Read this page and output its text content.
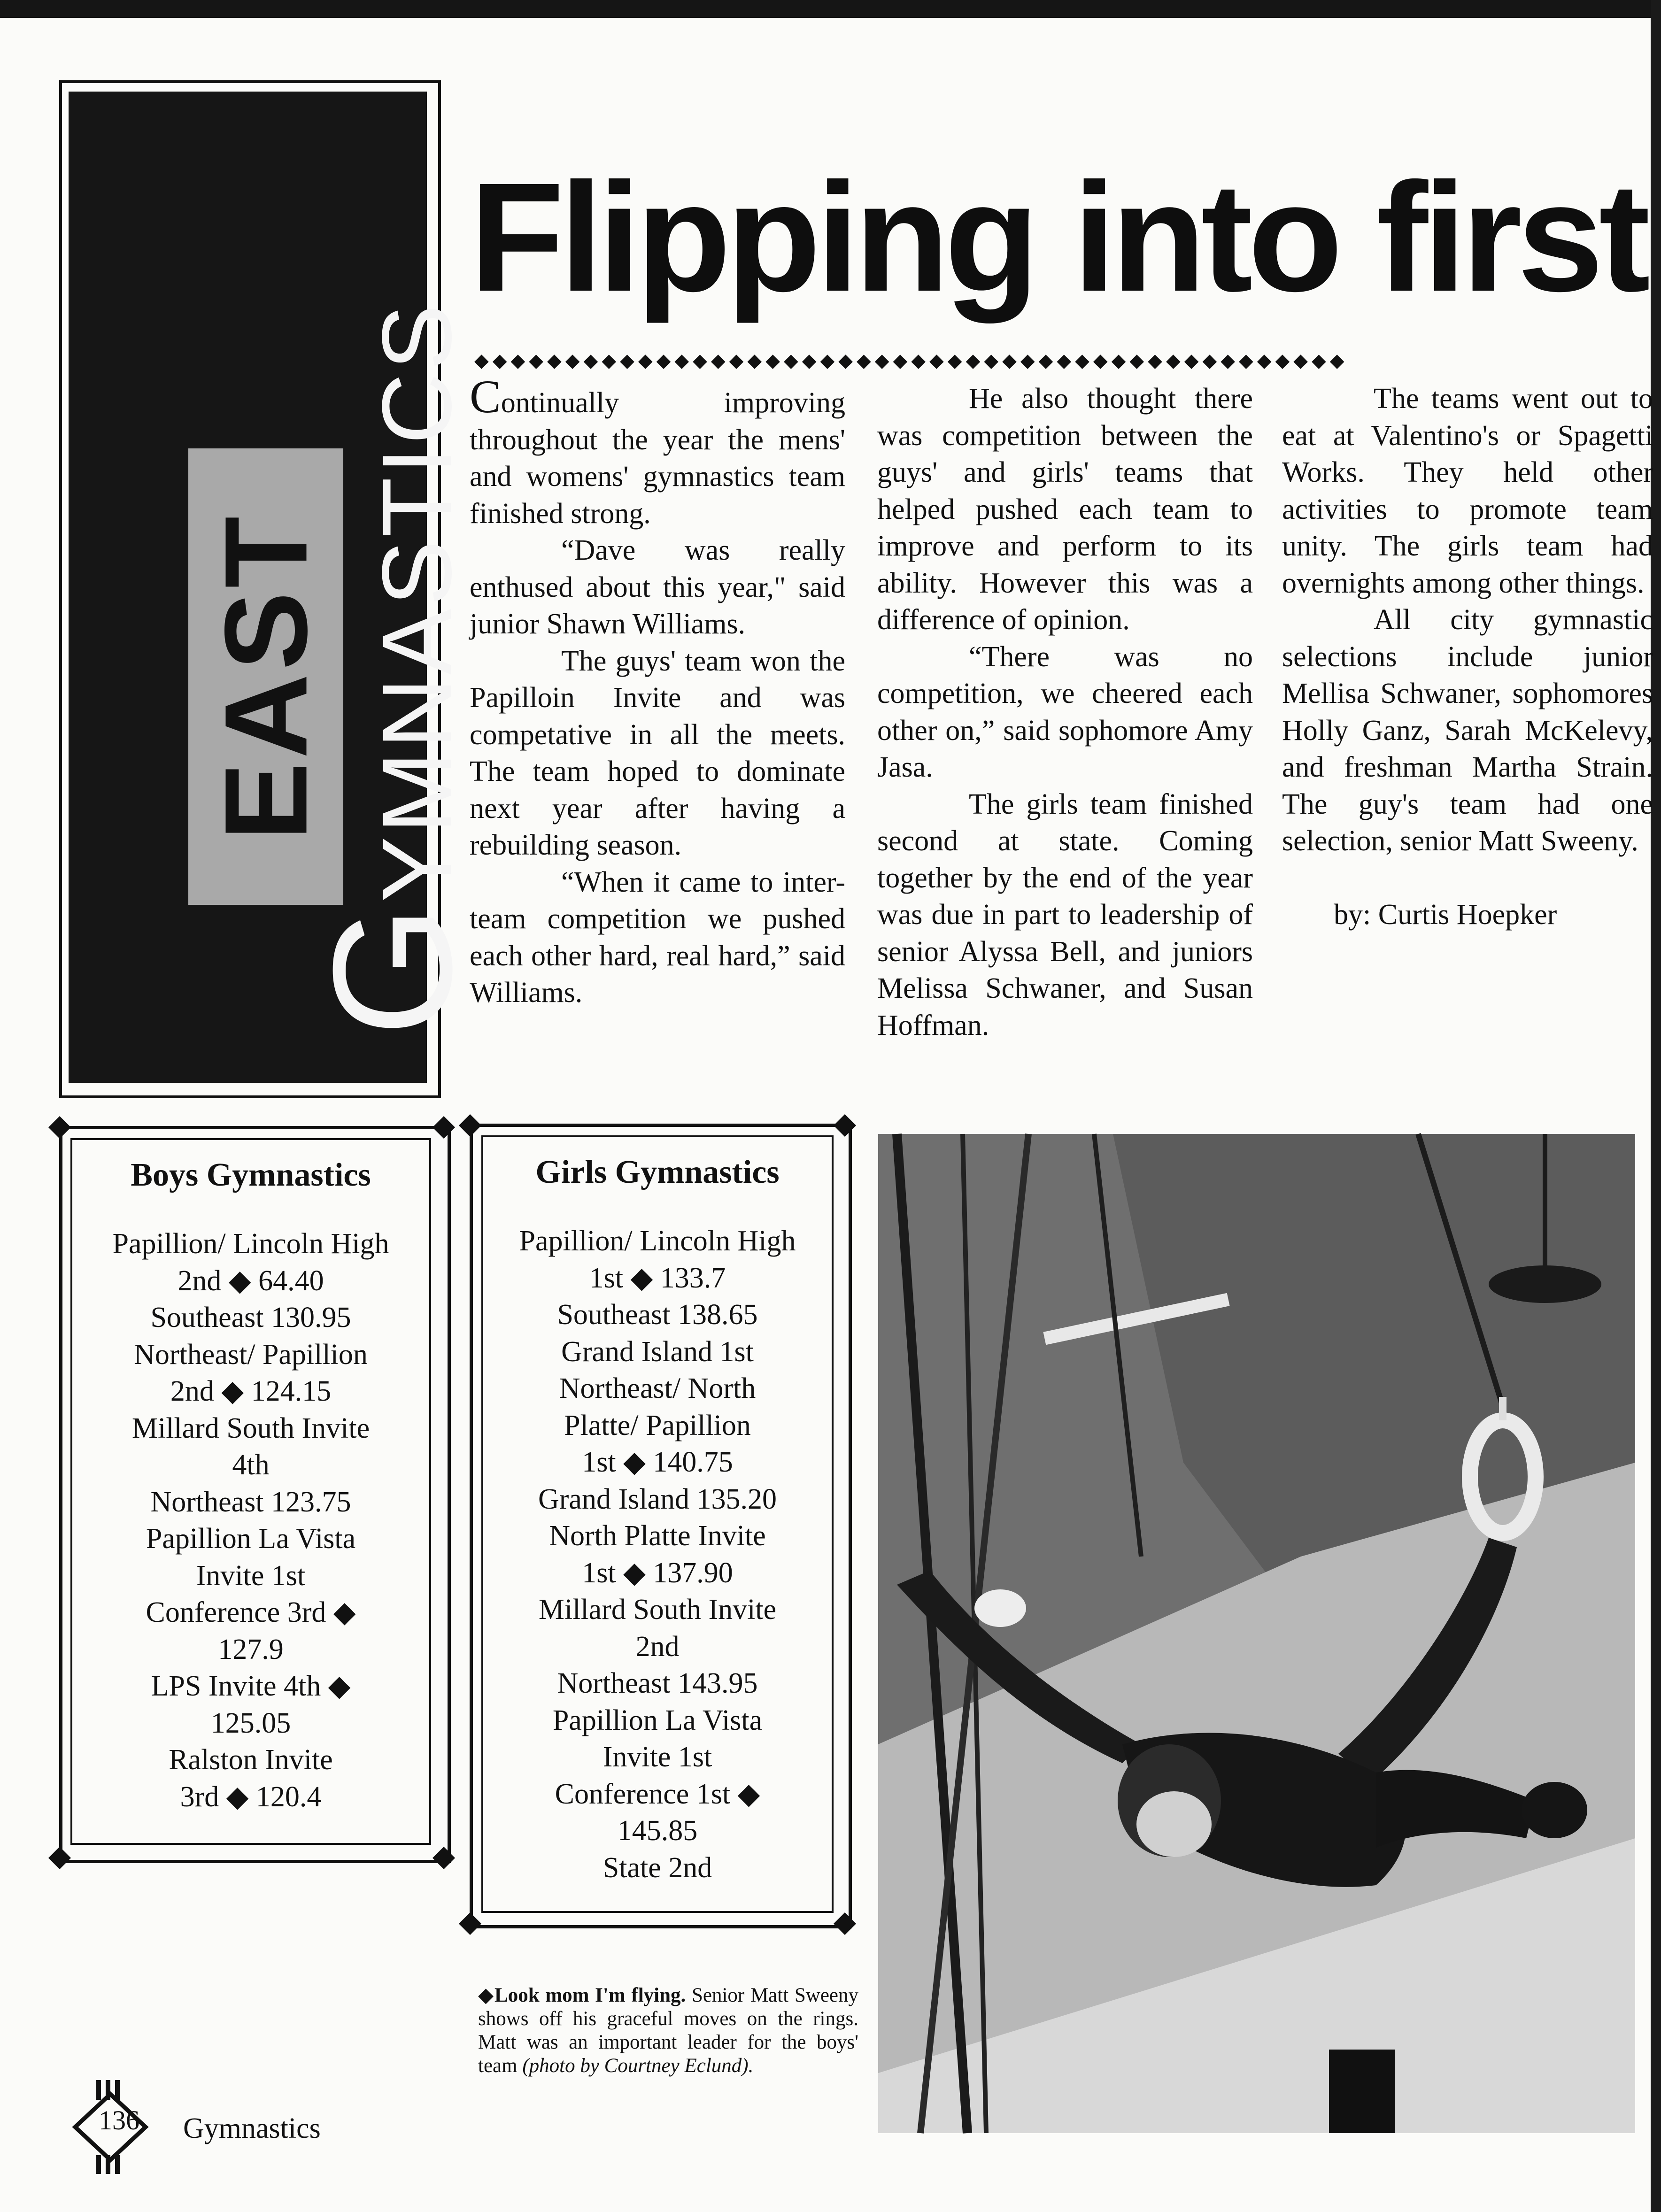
EAST
GYMNASTICS
Flipping into first
◆◆◆◆◆◆◆◆◆◆◆◆◆◆◆◆◆◆◆◆◆◆◆◆◆◆◆◆◆◆◆◆◆◆◆◆◆◆◆◆◆◆◆◆◆◆◆◆

Continually improving throughout the year the mens' and womens' gymnastics team finished strong.

“Dave was really enthused about this year," said junior Shawn Williams.

The guys' team won the Papilloin Invite and was competative in all the meets. The team hoped to dominate next year after having a rebuilding season.

“When it came to inter-team competition we pushed each other hard, real hard,” said Williams.

He also thought there was competition between the guys' and girls' teams that helped pushed each team to improve and perform to its ability. However this was a difference of opinion.

“There was no competition, we cheered each other on,” said sophomore Amy Jasa.

The girls team finished second at state. Coming together by the end of the year was due in part to leadership of senior Alyssa Bell, and juniors Melissa Schwaner, and Susan Hoffman.

The teams went out to eat at Valentino's or Spagetti Works. They held other activities to promote team unity. The girls team had overnights among other things.

All city gymnastic selections include junior Mellisa Schwaner, sophomores Holly Ganz, Sarah McKelevy, and freshman Martha Strain. The guy's team had one selection, senior Matt Sweeny.

by: Curtis Hoepker

Boys Gymnastics
Papillion/ Lincoln High
2nd ◆ 64.40
Southeast 130.95
Northeast/ Papillion
2nd ◆ 124.15
Millard South Invite
4th
Northeast 123.75
Papillion La Vista
Invite 1st
Conference 3rd ◆
127.9
LPS Invite 4th ◆
125.05
Ralston Invite
3rd ◆ 120.4
Girls Gymnastics
Papillion/ Lincoln High
1st ◆ 133.7
Southeast 138.65
Grand Island 1st
Northeast/ North
Platte/ Papillion
1st ◆ 140.75
Grand Island 135.20
North Platte Invite
1st ◆ 137.90
Millard South Invite
2nd
Northeast 143.95
Papillion La Vista
Invite 1st
Conference 1st ◆
145.85
State 2nd
◆Look mom I'm flying. Senior Matt Sweeny shows off his graceful moves on the rings. Matt was an important leader for the boys' team (photo by Courtney Eclund).
136 Gymnastics
